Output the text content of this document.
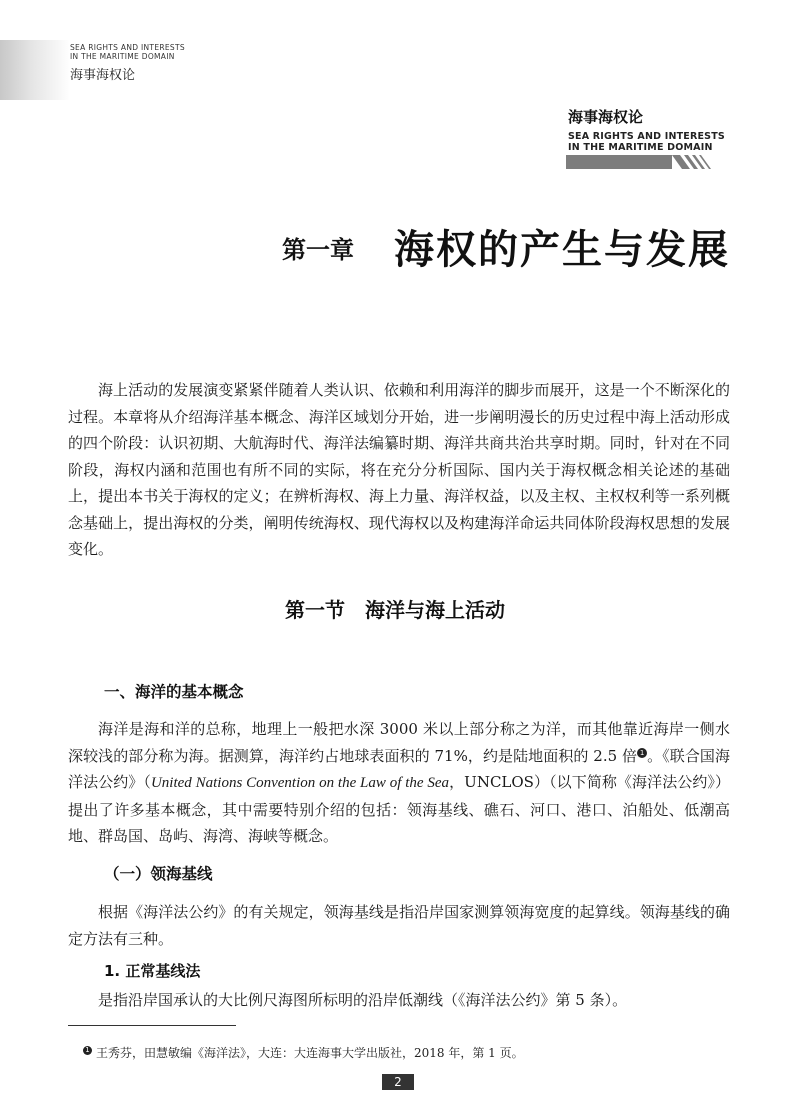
SEA RIGHTS AND INTERESTS
IN THE MARITIME DOMAIN
海事海权论
海事海权论
SEA RIGHTS AND INTERESTS
IN THE MARITIME DOMAIN
第一章 海权的产生与发展
海上活动的发展演变紧紧伴随着人类认识、依赖和利用海洋的脚步而展开，这是一个不断深化的过程。本章将从介绍海洋基本概念、海洋区域划分开始，进一步阐明漫长的历史过程中海上活动形成的四个阶段：认识初期、大航海时代、海洋法编纂时期、海洋共商共治共享时期。同时，针对在不同阶段，海权内涵和范围也有所不同的实际，将在充分分析国际、国内关于海权概念相关论述的基础上，提出本书关于海权的定义；在辨析海权、海上力量、海洋权益，以及主权、主权权利等一系列概念基础上，提出海权的分类，阐明传统海权、现代海权以及构建海洋命运共同体阶段海权思想的发展变化。
第一节　海洋与海上活动
一、海洋的基本概念
海洋是海和洋的总称，地理上一般把水深 3000 米以上部分称之为洋，而其他靠近海岸一侧水深较浅的部分称为海。据测算，海洋约占地球表面积的 71%，约是陆地面积的 2.5 倍 1 。《联合国海洋法公约》（United Nations Convention on the Law of the Sea，UNCLOS）（以下简称《海洋法公约》）提出了许多基本概念，其中需要特别介绍的包括：领海基线、礁石、河口、港口、泊船处、低潮高地、群岛国、岛屿、海湾、海峡等概念。
（一）领海基线
根据《海洋法公约》的有关规定，领海基线是指沿岸国家测算领海宽度的起算线。领海基线的确定方法有三种。
1. 正常基线法
是指沿岸国承认的大比例尺海图所标明的沿岸低潮线（《海洋法公约》第 5 条）。
1 王秀芬，田慧敏编《海洋法》，大连：大连海事大学出版社，2018 年，第 1 页。
2
